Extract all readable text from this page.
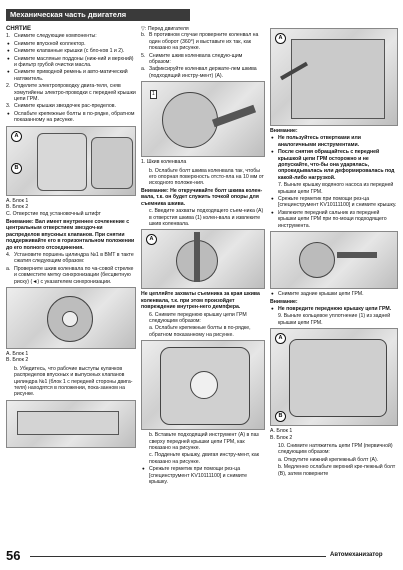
Механическая часть двигателя
СНЯТИЕ
1. Снимите следующие компоненты:
● Снимите впускной коллектор.
● Снимите клапанные крышки (с бло-ков 1 и 2).
● Снимите масляные поддоны (ниж-ний и верхний) и фильтр грубой очистки масла.
● Снимите приводной ремень и авто-матический натяжитель.
2. Отделите электропроводку двига-теля, сняв хомутийены электро-проводки с передней крышки цепи ГРМ.
3. Снимите крышки звездочек рас-пределов.
● Ослабьте крепежные болты в по-рядке, обратном показанному на рисунке.
A
B
А. Блок 1
В. Блок 2
С. Отверстие под установочный штифт
Внимание: Вал имеет внутреннее сочленение с центральным отверстием звездоч-ки распределов впускных клапанов. При снятии поддерживайте его в горизонтальном положении до его полного отсоединения.
4. Установите поршень цилиндра №1 в ВМТ в такте сжатия следующим образом:
а. Проверните шкив коленвала по ча-совой стрелке и совместите метку синхронизации (бесцветную риску) (◄) с указателем синхронизации.
А. Блок 1
В. Блок 2
b. Убедитесь, что рабочие выступы кулачков распределов впускных и выпускных клапанов цилиндра №1 (блок 1 с передней стороны двига-теля) находятся в положении, пока-занном на рисунке.
▽: Перед двигателя
b. В противном случае проверните коленвал на один оборот (360°) и выставьте их так, как показано на рисунке.
5. Снимите шкив коленвала следую-щим образом:
а. Зафиксируйте коленвал держате-лем шкива (подходящий инстру-мент) (А).
1
1. Шкив коленвала
b. Ослабьте болт шкива коленвала так, чтобы его опорная поверхность отсто-яла на 10 мм от исходного положе-ния.
Внимание: Не откручивайте болт шкива колен-вала, т.к. он будет служить точкой опоры для съемника шкива.
с. Введите захваты подходящего съем-ника (А) в отверстия шкива (1) колен-вала и извлеките шкив коленвала.
A
Не цепляйте захваты съемника за края шкива коленвала, т.к. при этом произойдет повреждение внутрен-него демпфера.
6. Снимите переднюю крышку цепи ГРМ следующим образом:
а. Ослабьте крепежные болты в по-рядке, обратном показанному на рисунке.
b. Вставьте подходящий инструмент (А) в паз сверху передней крышки цепи ГРМ, как показано на рисунке.
с. Подденьте крышку, двигая инстру-мент, как показано на рисунке.
● Срежьте герметик при помощи рез-ца [специнструмент KV10111100] и снимите крышку.
A
Внимание:
● Не пользуйтесь отвертками или аналогичными инструментами.
● После снятия обращайтесь с передней крышкой цепи ГРМ осторожно и не допускайте, что-бы она ударялась, опрокидывалась или деформировалась под какой-либо нагрузкой.
7. Выньте крышку водяного насоса из передней крышки цепи ГРМ.
● Срежьте герметик при помощи рез-ца [специнструмент KV10111100] и снимите крышку.
● Извлеките передний сальник из передней крышки цепи ГРМ при по-мощи подходящего инструмента.
● Снимите задние крышки цепи ГРМ.
Внимание:
● Не повредите переднюю крышку цепи ГРМ.
9. Выньте кольцевое уплотнение (1) из задней крышки цепи ГРМ.
A
B
А. Блок 1
В. Блок 2
10. Снимите натяжитель цепи ГРМ (первичной) следующим образом:
а. Открутите нижний крепежный болт (А).
b. Медленно ослабьте верхний кре-пежный болт (В), затем поверните
56	Автомеханизатор
